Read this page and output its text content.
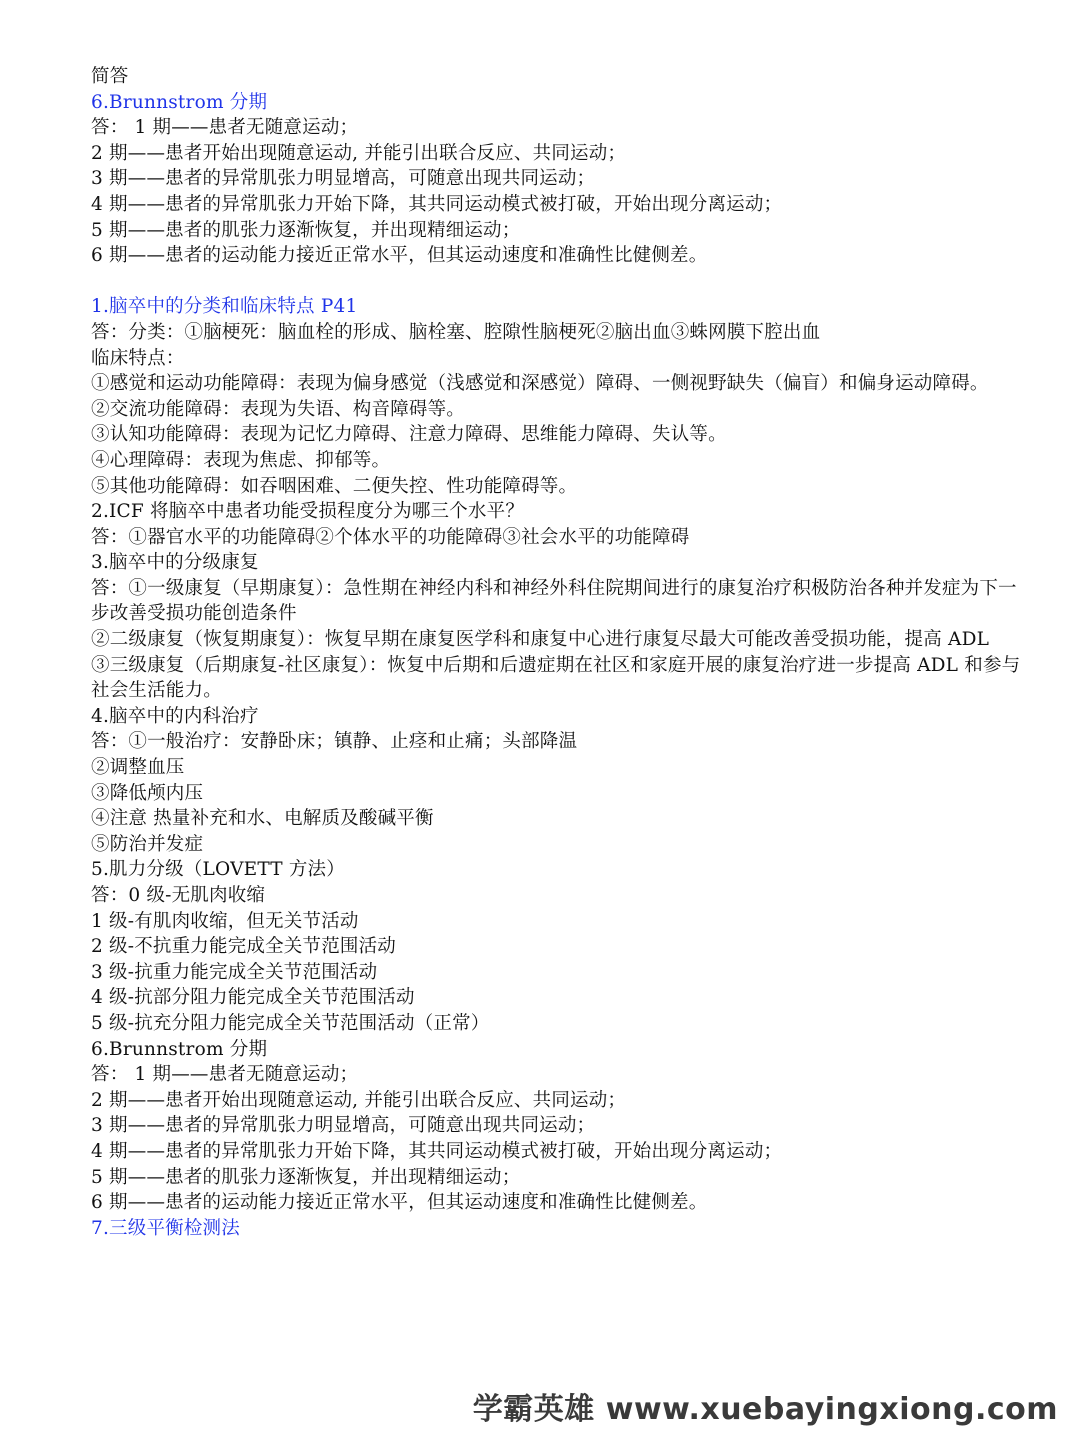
简答
6.Brunnstrom 分期
答： 1 期——患者无随意运动；
2 期——患者开始出现随意运动, 并能引出联合反应、共同运动；
3 期——患者的异常肌张力明显增高，可随意出现共同运动；
4 期——患者的异常肌张力开始下降，其共同运动模式被打破，开始出现分离运动；
5 期——患者的肌张力逐渐恢复，并出现精细运动；
6 期——患者的运动能力接近正常水平，但其运动速度和准确性比健侧差。
1.脑卒中的分类和临床特点 P41
答：分类：①脑梗死：脑血栓的形成、脑栓塞、腔隙性脑梗死②脑出血③蛛网膜下腔出血
临床特点：
①感觉和运动功能障碍：表现为偏身感觉（浅感觉和深感觉）障碍、一侧视野缺失（偏盲）和偏身运动障碍。
②交流功能障碍：表现为失语、构音障碍等。
③认知功能障碍：表现为记忆力障碍、注意力障碍、思维能力障碍、失认等。
④心理障碍：表现为焦虑、抑郁等。
⑤其他功能障碍：如吞咽困难、二便失控、性功能障碍等。
2.ICF 将脑卒中患者功能受损程度分为哪三个水平？
答：①器官水平的功能障碍②个体水平的功能障碍③社会水平的功能障碍
3.脑卒中的分级康复
答：①一级康复（早期康复）：急性期在神经内科和神经外科住院期间进行的康复治疗积极防治各种并发症为下一步改善受损功能创造条件
②二级康复（恢复期康复）：恢复早期在康复医学科和康复中心进行康复尽最大可能改善受损功能，提高 ADL
③三级康复（后期康复-社区康复）：恢复中后期和后遗症期在社区和家庭开展的康复治疗进一步提高 ADL 和参与社会生活能力。
4.脑卒中的内科治疗
答：①一般治疗：安静卧床；镇静、止痉和止痛；头部降温
②调整血压
③降低颅内压
④注意 热量补充和水、电解质及酸碱平衡
⑤防治并发症
5.肌力分级（LOVETT 方法）
答：0 级-无肌肉收缩
1 级-有肌肉收缩，但无关节活动
2 级-不抗重力能完成全关节范围活动
3 级-抗重力能完成全关节范围活动
4 级-抗部分阻力能完成全关节范围活动
5 级-抗充分阻力能完成全关节范围活动（正常）
6.Brunnstrom 分期
答： 1 期——患者无随意运动；
2 期——患者开始出现随意运动, 并能引出联合反应、共同运动；
3 期——患者的异常肌张力明显增高，可随意出现共同运动；
4 期——患者的异常肌张力开始下降，其共同运动模式被打破，开始出现分离运动；
5 期——患者的肌张力逐渐恢复，并出现精细运动；
6 期——患者的运动能力接近正常水平，但其运动速度和准确性比健侧差。
7.三级平衡检测法
学霸英雄 www.xuebayingxiong.com
